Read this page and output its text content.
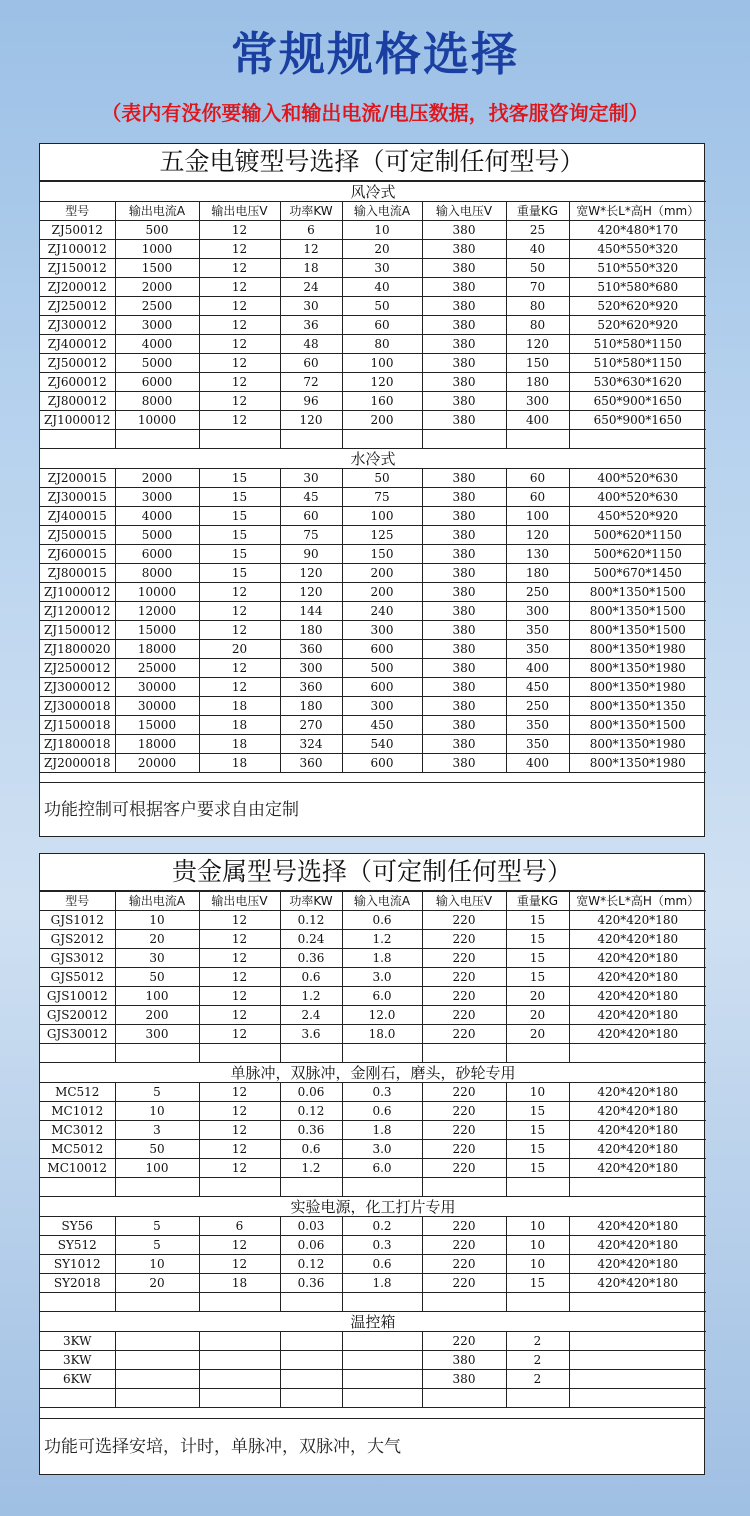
常规规格选择
（表内有没你要输入和输出电流/电压数据，找客服咨询定制）
五金电镀型号选择（可定制任何型号）
风冷式							
型号	输出电流A	输出电压V	功率KW	输入电流A	输入电压V	重量KG	宽W*长L*高H（mm）
ZJ50012	500	12	6	10	380	25	420*480*170
ZJ100012	1000	12	12	20	380	40	450*550*320
ZJ150012	1500	12	18	30	380	50	510*550*320
ZJ200012	2000	12	24	40	380	70	510*580*680
ZJ250012	2500	12	30	50	380	80	520*620*920
ZJ300012	3000	12	36	60	380	80	520*620*920
ZJ400012	4000	12	48	80	380	120	510*580*1150
ZJ500012	5000	12	60	100	380	150	510*580*1150
ZJ600012	6000	12	72	120	380	180	530*630*1620
ZJ800012	8000	12	96	160	380	300	650*900*1650
ZJ1000012	10000	12	120	200	380	400	650*900*1650

水冷式							
ZJ200015	2000	15	30	50	380	60	400*520*630
ZJ300015	3000	15	45	75	380	60	400*520*630
ZJ400015	4000	15	60	100	380	100	450*520*920
ZJ500015	5000	15	75	125	380	120	500*620*1150
ZJ600015	6000	15	90	150	380	130	500*620*1150
ZJ800015	8000	15	120	200	380	180	500*670*1450
ZJ1000012	10000	12	120	200	380	250	800*1350*1500
ZJ1200012	12000	12	144	240	380	300	800*1350*1500
ZJ1500012	15000	12	180	300	380	350	800*1350*1500
ZJ1800020	18000	20	360	600	380	350	800*1350*1980
ZJ2500012	25000	12	300	500	380	400	800*1350*1980
ZJ3000012	30000	12	360	600	380	450	800*1350*1980
ZJ3000018	30000	18	180	300	380	250	800*1350*1350
ZJ1500018	15000	18	270	450	380	350	800*1350*1500
ZJ1800018	18000	18	324	540	380	350	800*1350*1980
ZJ2000018	20000	18	360	600	380	400	800*1350*1980
功能控制可根据客户要求自由定制
贵金属型号选择（可定制任何型号）
型号	输出电流A	输出电压V	功率KW	输入电流A	输入电压V	重量KG	宽W*长L*高H（mm）
GJS1012	10	12	0.12	0.6	220	15	420*420*180
GJS2012	20	12	0.24	1.2	220	15	420*420*180
GJS3012	30	12	0.36	1.8	220	15	420*420*180
GJS5012	50	12	0.6	3.0	220	15	420*420*180
GJS10012	100	12	1.2	6.0	220	20	420*420*180
GJS20012	200	12	2.4	12.0	220	20	420*420*180
GJS30012	300	12	3.6	18.0	220	20	420*420*180

单脉冲，双脉冲，金刚石，磨头，砂轮专用							
MC512	5	12	0.06	0.3	220	10	420*420*180
MC1012	10	12	0.12	0.6	220	15	420*420*180
MC3012	3	12	0.36	1.8	220	15	420*420*180
MC5012	50	12	0.6	3.0	220	15	420*420*180
MC10012	100	12	1.2	6.0	220	15	420*420*180

实验电源，化工打片专用							
SY56	5	6	0.03	0.2	220	10	420*420*180
SY512	5	12	0.06	0.3	220	10	420*420*180
SY1012	10	12	0.12	0.6	220	10	420*420*180
SY2018	20	18	0.36	1.8	220	15	420*420*180

温控箱							
3KW					220	2	
3KW					380	2	
6KW					380	2	

功能可选择安培，计时，单脉冲，双脉冲，大气
